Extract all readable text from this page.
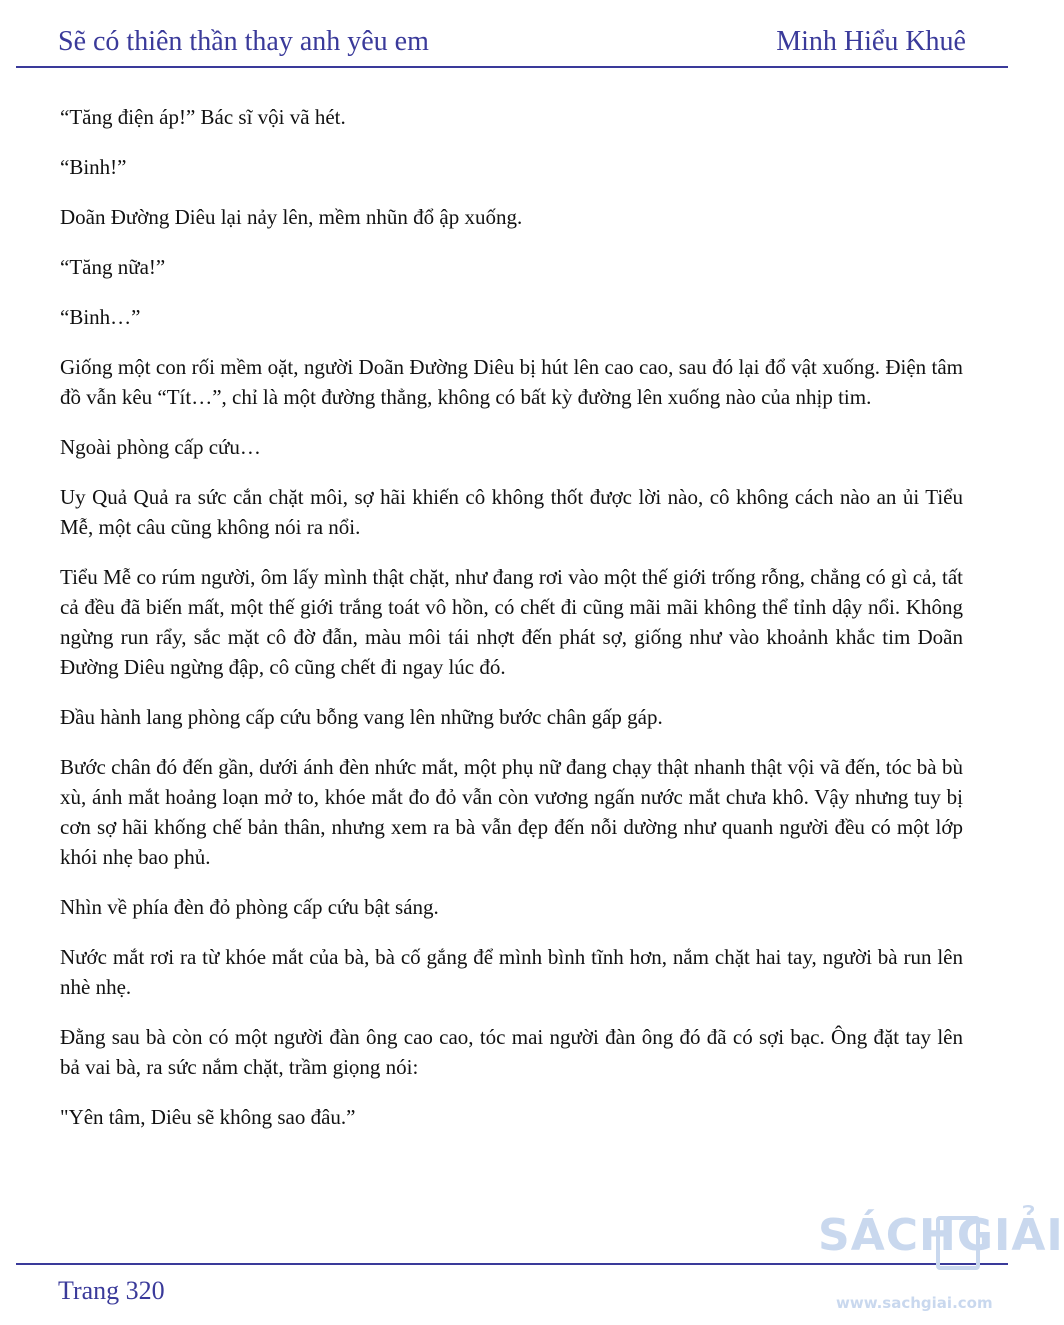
Sẽ có thiên thần thay anh yêu em	Minh Hiểu Khuê

“Tăng điện áp!” Bác sĩ vội vã hét.

“Binh!”

Doãn Đường Diêu lại nảy lên, mềm nhũn đổ ập xuống.

“Tăng nữa!”

“Binh…”

Giống một con rối mềm oặt, người Doãn Đường Diêu bị hút lên cao cao, sau đó lại đổ vật xuống. Điện tâm đồ vẫn kêu “Tít…”, chỉ là một đường thẳng, không có bất kỳ đường lên xuống nào của nhịp tim.

Ngoài phòng cấp cứu…

Uy Quả Quả ra sức cắn chặt môi, sợ hãi khiến cô không thốt được lời nào, cô không cách nào an ủi Tiểu Mễ, một câu cũng không nói ra nổi.

Tiểu Mễ co rúm người, ôm lấy mình thật chặt, như đang rơi vào một thế giới trống rỗng, chẳng có gì cả, tất cả đều đã biến mất, một thế giới trắng toát vô hồn, có chết đi cũng mãi mãi không thể tỉnh dậy nổi. Không ngừng run rẩy, sắc mặt cô đờ đẫn, màu môi tái nhợt đến phát sợ, giống như vào khoảnh khắc tim Doãn Đường Diêu ngừng đập, cô cũng chết đi ngay lúc đó.

Đầu hành lang phòng cấp cứu bỗng vang lên những bước chân gấp gáp.

Bước chân đó đến gần, dưới ánh đèn nhức mắt, một phụ nữ đang chạy thật nhanh thật vội vã đến, tóc bà bù xù, ánh mắt hoảng loạn mở to, khóe mắt đo đỏ vẫn còn vương ngấn nước mắt chưa khô. Vậy nhưng tuy bị cơn sợ hãi khống chế bản thân, nhưng xem ra bà vẫn đẹp đến nỗi dường như quanh người đều có một lớp khói nhẹ bao phủ.

Nhìn về phía đèn đỏ phòng cấp cứu bật sáng.

Nước mắt rơi ra từ khóe mắt của bà, bà cố gắng để mình bình tĩnh hơn, nắm chặt hai tay, người bà run lên nhè nhẹ.

Đằng sau bà còn có một người đàn ông cao cao, tóc mai người đàn ông đó đã có sợi bạc. Ông đặt tay lên bả vai bà, ra sức nắm chặt, trầm giọng nói:

"Yên tâm, Diêu sẽ không sao đâu.”

Trang 320
SÁCHGIẢI
www.sachgiai.com
